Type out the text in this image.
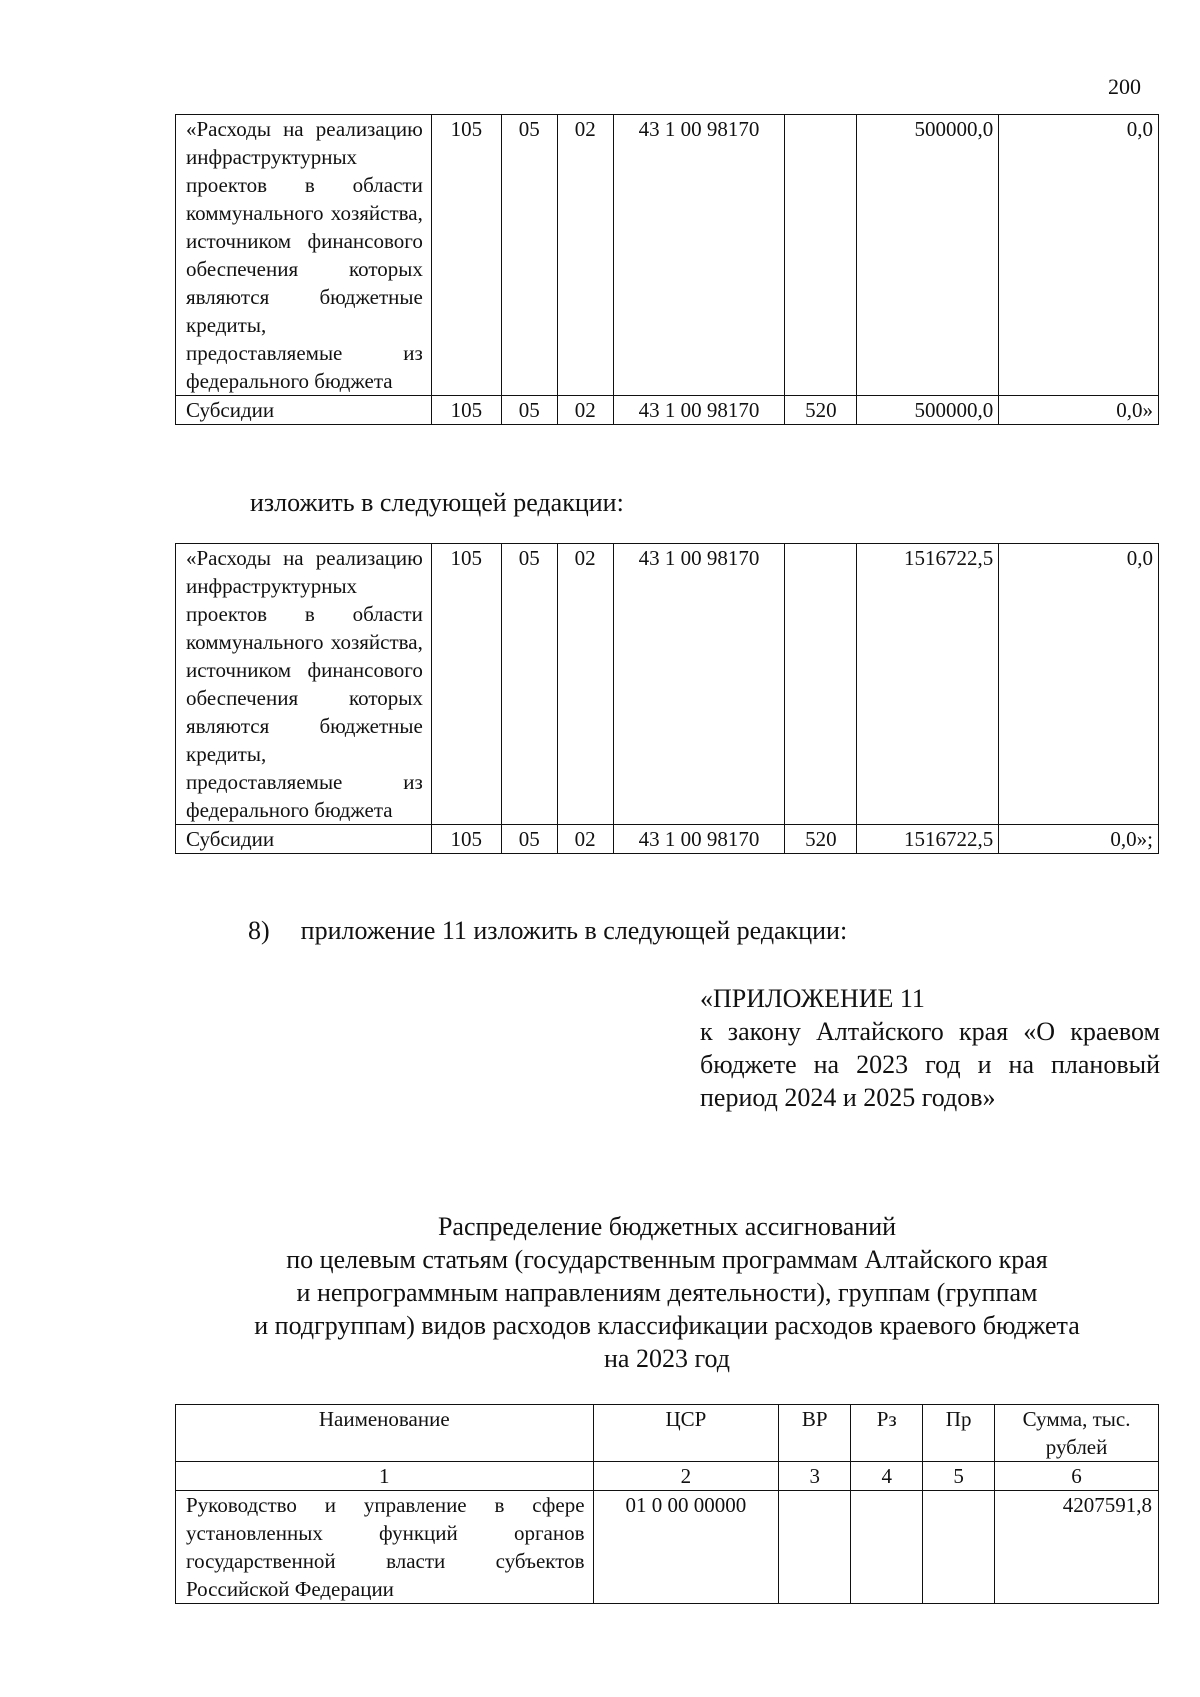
200
«Расходы на реализацию инфраструктурных проектов в области коммунального хозяйства, источником финансового обеспечения которых являются бюджетные кредиты, предоставляемые из федерального бюджета	105	05	02	43 1 00 98170		500000,0	0,0
Субсидии	105	05	02	43 1 00 98170	520	500000,0	0,0»
изложить в следующей редакции:
«Расходы на реализацию инфраструктурных проектов в области коммунального хозяйства, источником финансового обеспечения которых являются бюджетные кредиты, предоставляемые из федерального бюджета	105	05	02	43 1 00 98170		1516722,5	0,0
Субсидии	105	05	02	43 1 00 98170	520	1516722,5	0,0»;
8) приложение 11 изложить в следующей редакции:
«ПРИЛОЖЕНИЕ 11
к закону Алтайского края «О краевом бюджете на 2023 год и на плановый период 2024 и 2025 годов»
Распределение бюджетных ассигнований
по целевым статьям (государственным программам Алтайского края
и непрограммным направлениям деятельности), группам (группам
и подгруппам) видов расходов классификации расходов краевого бюджета
на 2023 год
Наименование	ЦСР	ВР	Рз	Пр	Сумма, тыс. рублей
1	2	3	4	5	6
Руководство и управление в сфере установленных функций органов государственной власти субъектов Российской Федерации	01 0 00 00000				4207591,8
